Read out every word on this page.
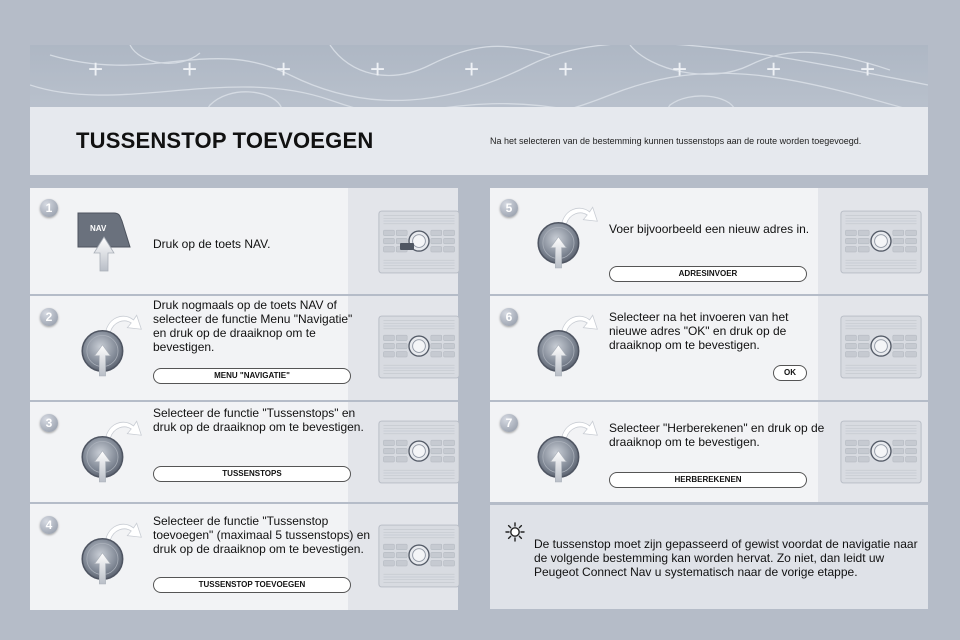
+	+	+	+	+	+	+	+	+
TUSSENSTOP TOEVOEGEN	Na het selecteren van de bestemming kunnen tussenstops aan de route worden toegevoegd.
1
NAV
Druk op de toets NAV.
2
Druk nogmaals op de toets NAV of selecteer de functie Menu "Navigatie" en druk op de draaiknop om te bevestigen.
MENU "NAVIGATIE"
3
Selecteer de functie "Tussenstops" en druk op de draaiknop om te bevestigen.
TUSSENSTOPS
4	Selecteer de functie "Tussenstop toevoegen" (maximaal 5 tussenstops) en druk op de draaiknop om te bevestigen.
TUSSENSTOP TOEVOEGEN
5
Voer bijvoorbeeld een nieuw adres in.
ADRESINVOER
6	Selecteer na het invoeren van het nieuwe adres "OK" en druk op de draaiknop om te bevestigen.
OK
7	Selecteer "Herberekenen" en druk op de draaiknop om te bevestigen.
HERBEREKENEN
De tussenstop moet zijn gepasseerd of gewist voordat de navigatie naar de volgende bestemming kan worden hervat. Zo niet, dan leidt uw Peugeot Connect Nav u systematisch naar de vorige etappe.
